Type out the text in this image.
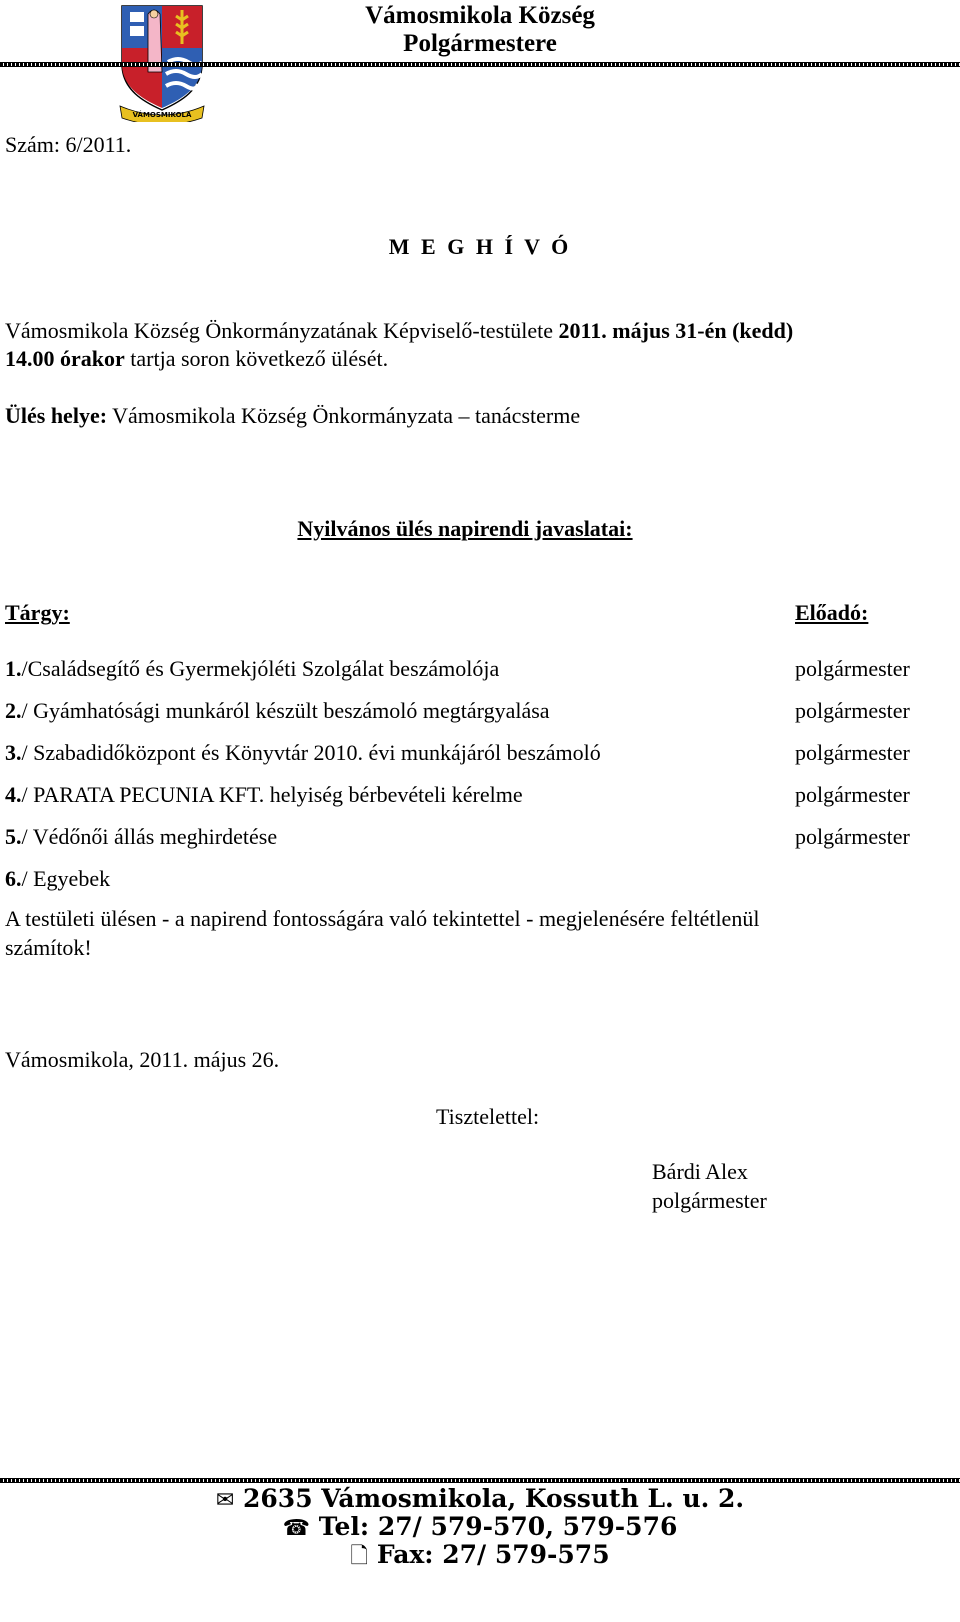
VÁMOSMIKOLA
Vámosmikola Község
Polgármestere
Szám: 6/2011.
M E G H Í V Ó
Vámosmikola Község Önkormányzatának Képviselő-testülete 2011. május 31-én (kedd)
14.00 órakor tartja soron következő ülését.
Ülés helye: Vámosmikola Község Önkormányzata – tanácsterme
Nyilvános ülés napirendi javaslatai:
Tárgy:	Előadó:
1./Családsegítő és Gyermekjóléti Szolgálat beszámolója	polgármester
2./ Gyámhatósági munkáról készült beszámoló megtárgyalása	polgármester
3./ Szabadidőközpont és Könyvtár 2010. évi munkájáról beszámoló	polgármester
4./ PARATA PECUNIA KFT. helyiség bérbevételi kérelme	polgármester
5./ Védőnői állás meghirdetése	polgármester
6./ Egyebek
A testületi ülésen - a napirend fontosságára való tekintettel - megjelenésére feltétlenül
számítok!
Vámosmikola, 2011. május 26.
Tisztelettel:
Bárdi Alex
polgármester
✉ 2635 Vámosmikola, Kossuth L. u. 2.
☎ Tel: 27/ 579-570, 579-576
🗋 Fax: 27/ 579-575
